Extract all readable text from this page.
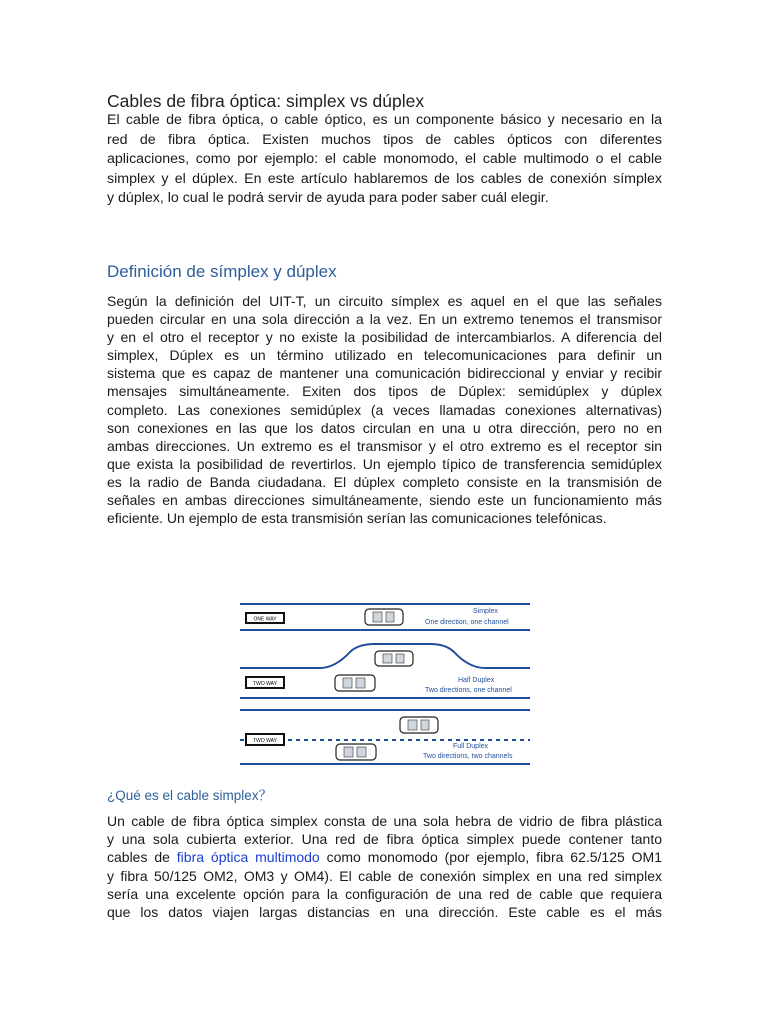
Cables de fibra óptica: simplex vs dúplex
El cable de fibra óptica, o cable óptico, es un componente básico y necesario en la
red de fibra óptica. Existen muchos tipos de cables ópticos con diferentes
aplicaciones, como por ejemplo: el cable monomodo, el cable multimodo o el cable
simplex y el dúplex. En este artículo hablaremos de los cables de conexión símplex
y dúplex, lo cual le podrá servir de ayuda para poder saber cuál elegir.
Definición de símplex y dúplex
Según la definición del UIT-T, un circuito símplex es aquel en el que las señales
pueden circular en una sola dirección a la vez. En un extremo tenemos el transmisor
y en el otro el receptor y no existe la posibilidad de intercambiarlos. A diferencia del
simplex, Dúplex es un término utilizado en telecomunicaciones para definir un
sistema que es capaz de mantener una comunicación bidireccional y enviar y recibir
mensajes simultáneamente. Exiten dos tipos de Dúplex: semidúplex y dúplex
completo. Las conexiones semidúplex (a veces llamadas conexiones alternativas)
son conexiones en las que los datos circulan en una u otra dirección, pero no en
ambas direcciones. Un extremo es el transmisor y el otro extremo es el receptor sin
que exista la posibilidad de revertirlos. Un ejemplo típico de transferencia semidúplex
es la radio de Banda ciudadana. El dúplex completo consiste en la transmisión de
señales en ambas direcciones simultáneamente, siendo este un funcionamiento más
eficiente. Un ejemplo de esta transmisión serían las comunicaciones telefónicas.
ONE WAY
Simplex
One direction, one channel
TWO WAY	Half Duplex
Two directions, one channel
TWO WAY
Full Duplex
Two directions, two channels
¿Qué es el cable simplex？
Un cable de fibra óptica simplex consta de una sola hebra de vidrio de fibra plástica
y una sola cubierta exterior. Una red de fibra óptica simplex puede contener tanto
cables de fibra óptica multimodo como monomodo (por ejemplo, fibra 62.5/125 OM1
y fibra 50/125 OM2, OM3 y OM4). El cable de conexión simplex en una red simplex
sería una excelente opción para la configuración de una red de cable que requiera
que los datos viajen largas distancias en una dirección. Este cable es el más
